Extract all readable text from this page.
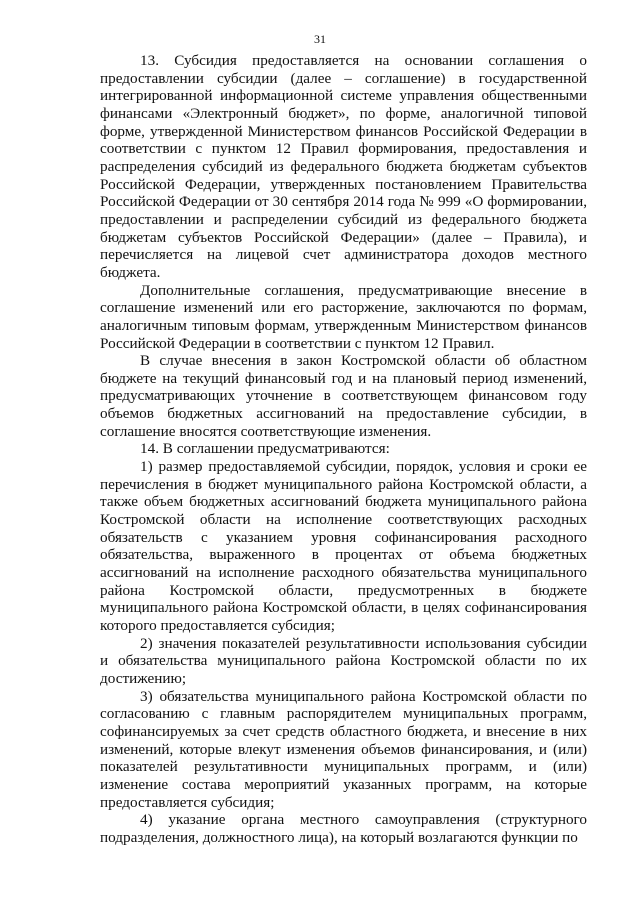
31

13. Субсидия предоставляется на основании соглашения о предоставлении субсидии (далее – соглашение) в государственной интегрированной информационной системе управления общественными финансами «Электронный бюджет», по форме, аналогичной типовой форме, утвержденной Министерством финансов Российской Федерации в соответствии с пунктом 12 Правил формирования, предоставления и распределения субсидий из федерального бюджета бюджетам субъектов Российской Федерации, утвержденных постановлением Правительства Российской Федерации от 30 сентября 2014 года № 999 «О формировании, предоставлении и распределении субсидий из федерального бюджета бюджетам субъектов Российской Федерации» (далее – Правила), и перечисляется на лицевой счет администратора доходов местного бюджета.

Дополнительные соглашения, предусматривающие внесение в соглашение изменений или его расторжение, заключаются по формам, аналогичным типовым формам, утвержденным Министерством финансов Российской Федерации в соответствии с пунктом 12 Правил.

В случае внесения в закон Костромской области об областном бюджете на текущий финансовый год и на плановый период изменений, предусматривающих уточнение в соответствующем финансовом году объемов бюджетных ассигнований на предоставление субсидии, в соглашение вносятся соответствующие изменения.

14. В соглашении предусматриваются:

1) размер предоставляемой субсидии, порядок, условия и сроки ее перечисления в бюджет муниципального района Костромской области, а также объем бюджетных ассигнований бюджета муниципального района Костромской области на исполнение соответствующих расходных обязательств с указанием уровня софинансирования расходного обязательства, выраженного в процентах от объема бюджетных ассигнований на исполнение расходного обязательства муниципального района Костромской области, предусмотренных в бюджете муниципального района Костромской области, в целях софинансирования которого предоставляется субсидия;

2) значения показателей результативности использования субсидии и обязательства муниципального района Костромской области по их достижению;

3) обязательства муниципального района Костромской области по согласованию с главным распорядителем муниципальных программ, софинансируемых за счет средств областного бюджета, и внесение в них изменений, которые влекут изменения объемов финансирования, и (или) показателей результативности муниципальных программ, и (или) изменение состава мероприятий указанных программ, на которые предоставляется субсидия;

4) указание органа местного самоуправления (структурного подразделения, должностного лица), на который возлагаются функции по
